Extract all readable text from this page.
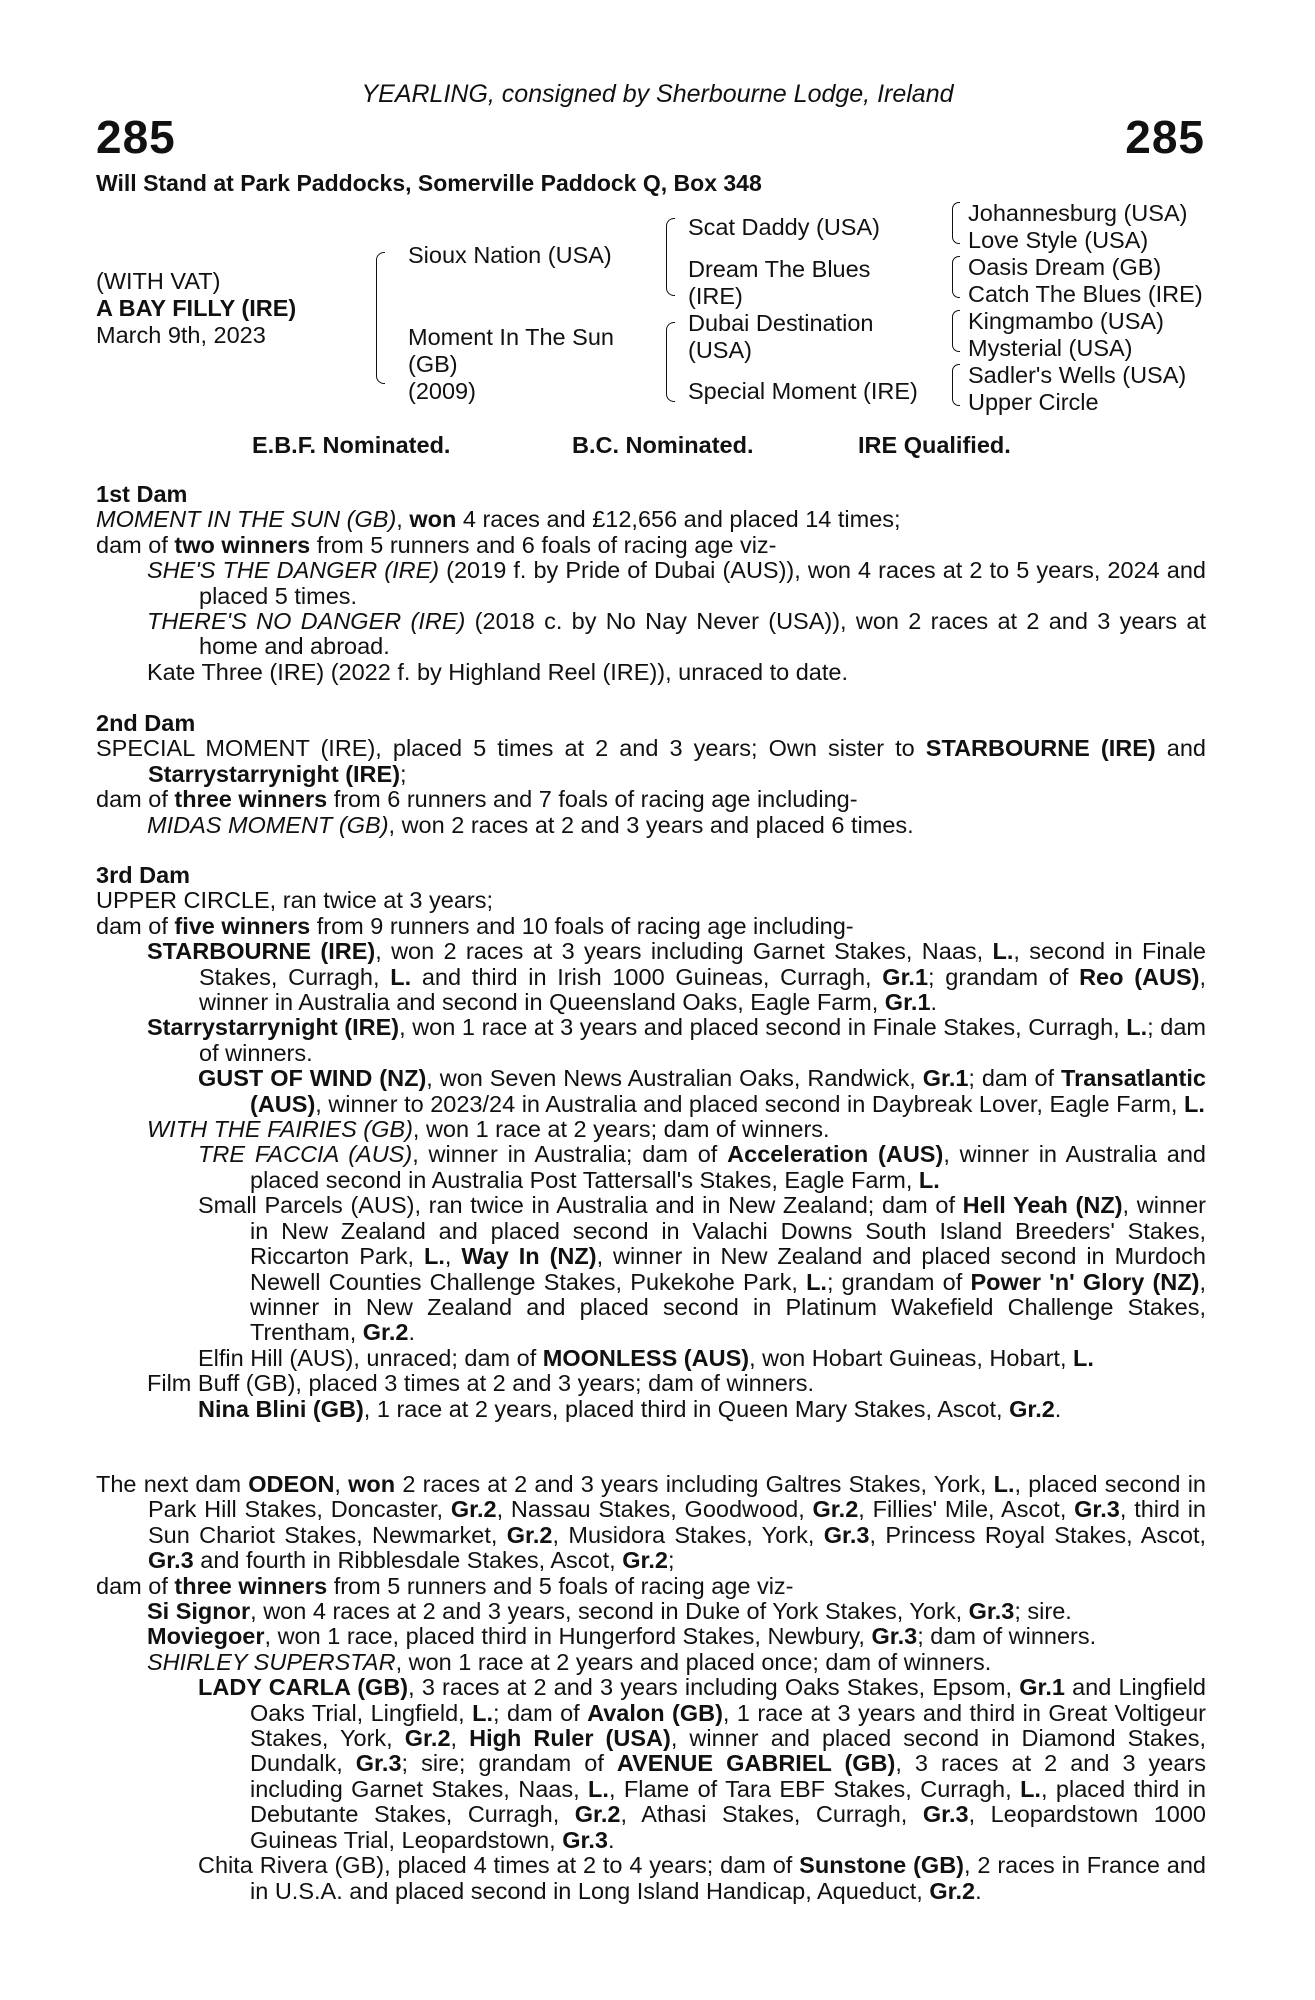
YEARLING, consigned by Sherbourne Lodge, Ireland
285	285
Will Stand at Park Paddocks, Somerville Paddock Q, Box 348
(WITH VAT)
A BAY FILLY (IRE)
March 9th, 2023
Sioux Nation (USA)
Moment In The Sun
(GB)
(2009)
Scat Daddy (USA)
Dream The Blues
(IRE)
Dubai Destination
(USA)
Special Moment (IRE)
Johannesburg (USA)
Love Style (USA)
Oasis Dream (GB)
Catch The Blues (IRE)
Kingmambo (USA)
Mysterial (USA)
Sadler's Wells (USA)
Upper Circle
E.B.F. Nominated.	B.C. Nominated.	IRE Qualified.

1st Dam

MOMENT IN THE SUN (GB), won 4 races and £12,656 and placed 14 times;

dam of two winners from 5 runners and 6 foals of racing age viz-

SHE'S THE DANGER (IRE) (2019 f. by Pride of Dubai (AUS)), won 4 races at 2 to 5 years, 2024 and placed 5 times.

THERE'S NO DANGER (IRE) (2018 c. by No Nay Never (USA)), won 2 races at 2 and 3 years at home and abroad.

Kate Three (IRE) (2022 f. by Highland Reel (IRE)), unraced to date.

2nd Dam

SPECIAL MOMENT (IRE), placed 5 times at 2 and 3 years; Own sister to STARBOURNE (IRE) and Starrystarrynight (IRE);

dam of three winners from 6 runners and 7 foals of racing age including-

MIDAS MOMENT (GB), won 2 races at 2 and 3 years and placed 6 times.

3rd Dam

UPPER CIRCLE, ran twice at 3 years;

dam of five winners from 9 runners and 10 foals of racing age including-

STARBOURNE (IRE), won 2 races at 3 years including Garnet Stakes, Naas, L., second in Finale Stakes, Curragh, L. and third in Irish 1000 Guineas, Curragh, Gr.1; grandam of Reo (AUS), winner in Australia and second in Queensland Oaks, Eagle Farm, Gr.1.

Starrystarrynight (IRE), won 1 race at 3 years and placed second in Finale Stakes, Curragh, L.; dam of winners.

GUST OF WIND (NZ), won Seven News Australian Oaks, Randwick, Gr.1; dam of Transatlantic (AUS), winner to 2023/24 in Australia and placed second in Daybreak Lover, Eagle Farm, L.

WITH THE FAIRIES (GB), won 1 race at 2 years; dam of winners.

TRE FACCIA (AUS), winner in Australia; dam of Acceleration (AUS), winner in Australia and placed second in Australia Post Tattersall's Stakes, Eagle Farm, L.

Small Parcels (AUS), ran twice in Australia and in New Zealand; dam of Hell Yeah (NZ), winner in New Zealand and placed second in Valachi Downs South Island Breeders' Stakes, Riccarton Park, L., Way In (NZ), winner in New Zealand and placed second in Murdoch Newell Counties Challenge Stakes, Pukekohe Park, L.; grandam of Power 'n' Glory (NZ), winner in New Zealand and placed second in Platinum Wakefield Challenge Stakes, Trentham, Gr.2.

Elfin Hill (AUS), unraced; dam of MOONLESS (AUS), won Hobart Guineas, Hobart, L.

Film Buff (GB), placed 3 times at 2 and 3 years; dam of winners.

Nina Blini (GB), 1 race at 2 years, placed third in Queen Mary Stakes, Ascot, Gr.2.

The next dam ODEON, won 2 races at 2 and 3 years including Galtres Stakes, York, L., placed second in Park Hill Stakes, Doncaster, Gr.2, Nassau Stakes, Goodwood, Gr.2, Fillies' Mile, Ascot, Gr.3, third in Sun Chariot Stakes, Newmarket, Gr.2, Musidora Stakes, York, Gr.3, Princess Royal Stakes, Ascot, Gr.3 and fourth in Ribblesdale Stakes, Ascot, Gr.2;

dam of three winners from 5 runners and 5 foals of racing age viz-

Si Signor, won 4 races at 2 and 3 years, second in Duke of York Stakes, York, Gr.3; sire.

Moviegoer, won 1 race, placed third in Hungerford Stakes, Newbury, Gr.3; dam of winners.

SHIRLEY SUPERSTAR, won 1 race at 2 years and placed once; dam of winners.

LADY CARLA (GB), 3 races at 2 and 3 years including Oaks Stakes, Epsom, Gr.1 and Lingfield Oaks Trial, Lingfield, L.; dam of Avalon (GB), 1 race at 3 years and third in Great Voltigeur Stakes, York, Gr.2, High Ruler (USA), winner and placed second in Diamond Stakes, Dundalk, Gr.3; sire; grandam of AVENUE GABRIEL (GB), 3 races at 2 and 3 years including Garnet Stakes, Naas, L., Flame of Tara EBF Stakes, Curragh, L., placed third in Debutante Stakes, Curragh, Gr.2, Athasi Stakes, Curragh, Gr.3, Leopardstown 1000 Guineas Trial, Leopardstown, Gr.3.

Chita Rivera (GB), placed 4 times at 2 to 4 years; dam of Sunstone (GB), 2 races in France and in U.S.A. and placed second in Long Island Handicap, Aqueduct, Gr.2.
